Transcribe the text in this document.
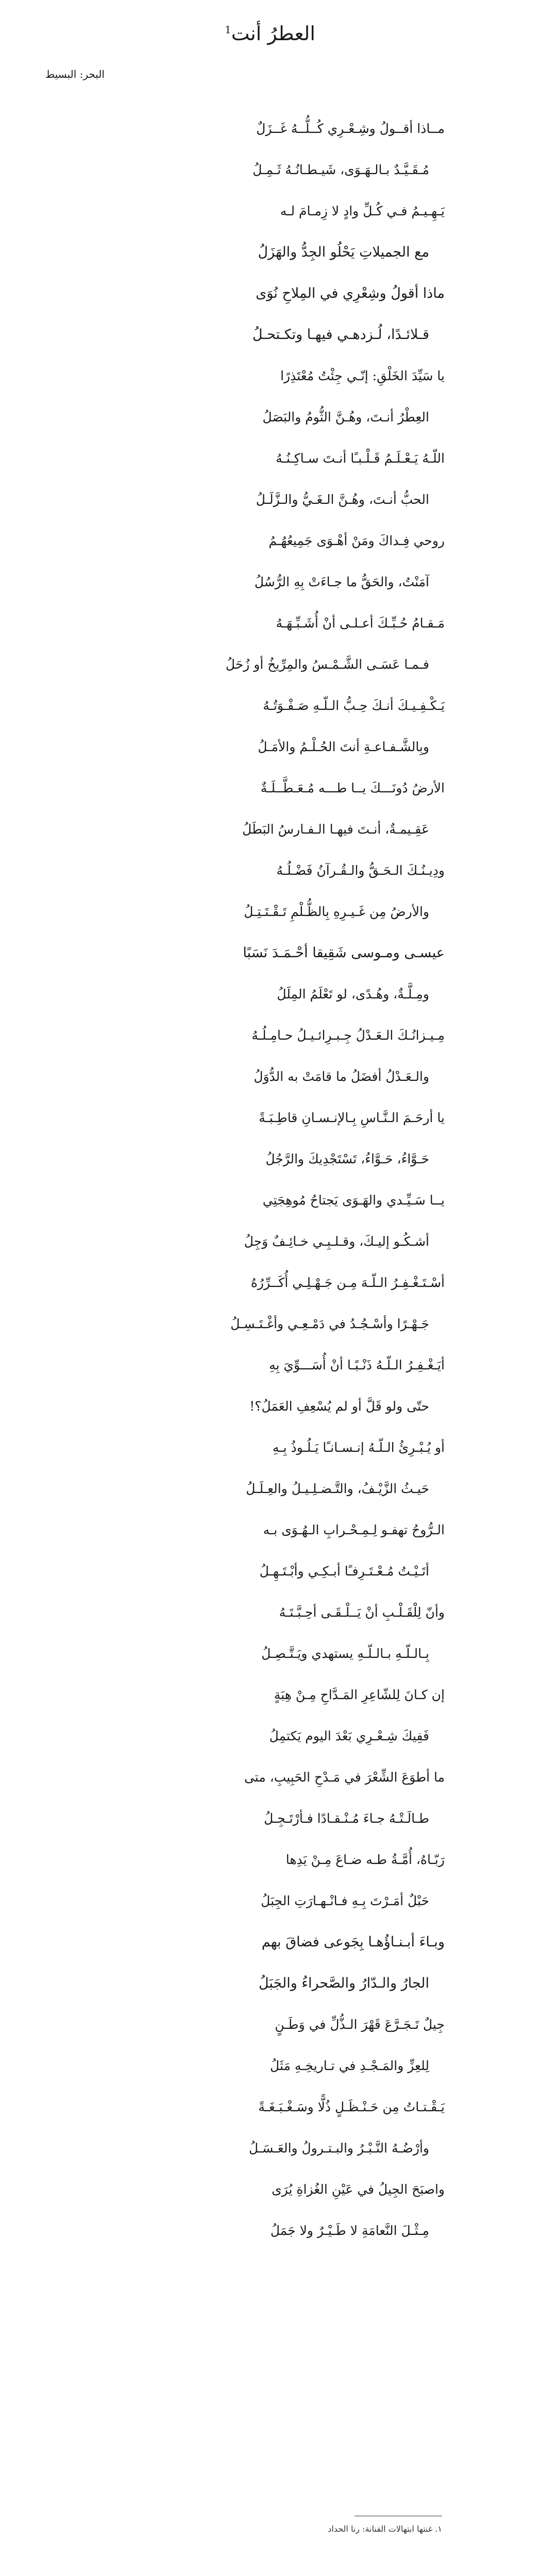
العطرُ أنت$^1$
البحر: البسيط
مــاذا أقــولُ وشِـعْـرِي كُــلُّــهُ غَــزَلٌ
مُـقَـيَّـدٌ بـالـهَـوَى، شَيـطـانُـهُ ثَـمِـلُ
يَـهِـيـمُ فـي كُـلِّ وادٍ لا زِمـامَ لـه
مع الجميلاتِ يَحْلُو الجِدُّ والهَزَلُ
ماذا أقولُ وشِعْرِي في المِلاحِ نُوَى
قـلائـدًا، لُـزدهـي فيهـا وتكـتحـلُ
يا سَيِّدَ الخَلْقِ: إنّـي جِئْتُ مُعْتَذِرًا
العِطْرُ أنـتَ، وهُـنَّ الثُّومُ والبَصَلُ
اللّـهُ يَـعْـلَـمُ قَـلْـبـًا أنـتَ سـاكِـنُـهُ
الحبُّ أنـتَ، وهُـنَّ الـغَـيُّ والـزَّلَـلُ
روحي فِـداكَ ومَنْ أهْـوَى جَمِيعُهُـمُ
آمَنْتُ، والحَقُّ ما جـاءَتْ بِهِ الرُّسُلُ
مَـقـامُ حُـبِّـكَ أعـلـى أنْ أُشَـبِّـهَـهُ
فـمـا عَسَـى الشَّـمْـسُ والمِرِّيخُ أو زُحَلُ
يَـكْـفِـيـكَ أنـكَ حِـبُّ الـلّـهِ صَـفْـوَتُـهُ
وبِالشَّـفـاعـةِ أنتَ الحُـلْـمُ والأمَـلُ
الأرضُ دُونَـــكَ يــا طـــه مُـعَـطَّــلَـةٌ
عَقِـيمـةٌ، أنـتَ فيهـا الـفـارسُ البَطَلُ
ودِيـنُـكَ الـحَـقُّ والـقُـرآنُ فَضْـلُـهُ
والأرضُ مِن غَـيـرِهِ بِالظُّـلْمِ تَـقْـتَـتِـلُ
عيسـى ومـوسى شَقِيقا أحْـمَـدَ نَسَبًا
ومِـلَّـةٌ، وهُـدًى، لو تَعْلَمُ المِلَلُ
مِـيـزانُـكَ الـعَـدْلُ جِـبـرِائـيـلُ حـامِـلُـهُ
والـعَـدْلُ أفضَلُ ما قامَتْ به الدُّوَلُ
يا أرحَـمَ الـنَّـاسِ بِـالإنـسـانِ قاطِـبَـةً
حَـوَّاءُ، حَـوَّاءُ، تَسْتَجْدِيكَ والرَّجُلُ
يــا سَـيِّـدي والهَـوَى يَجتاحُ مُوهِجَتِي
أشـكُـو إليـكَ، وقـلـبِـي خـائِـفٌ وَجِلُ
أسْـتَـغْـفِـرُ الـلّـهَ مِـن جَـهْـلِـي أُكَــرِّرُهُ
جَـهْـرًا وأسْـجُـدُ في دَمْـعِـي وأغْـتَـسِـلُ
أيَـغْـفِـرُ الـلّـهُ ذَنْـبًـا أنْ أُسَـــوِّيَ بِهِ
حتّى ولو قَلَّ أو لم يُسْعِفِ العَمَلُ؟!
أو يُـبْـرِئُ الـلّـهُ إنـسـانـًا يَـلُـوذُ بِـهِ
حَيـثُ الزَّيْـفُ، والتَّـضـلِـيـلُ والعِـلَـلُ
الـرُّوحُ تهفـو لِـمِـحْـرابِ الـهُـوَى بـه
أتَـيْـتُ مُـعْـتَـرِفـًا أبـكِـي وأبْـتَـهِـلُ
وأنّ لِلْقَـلْـبِ أنْ يَــلْـقَـى أحِـبَّـتَـهُ
بِـالـلّـهِ بـالـلّـهِ يستهدي ويَـتَّـصِـلُ
إن كـانَ لِلشّاعِرِ المَـدَّاحِ مِـنْ هِبَةٍ
فَفِيكَ شِـعْـرِي بَعْدَ اليوم يَكتمِلُ
ما أطوَعَ الشِّعْرَ في مَـدْحِ الحَبِيبِ، متى
طـالَـتْـهُ جـاءَ مُـنْـقـادًا فـأرْتَـجِـلُ
رَبّـاهُ، أُمَّـةُ طـه ضـاعَ مِـنْ يَدِها
حَبْلٌ أمَـرْتَ بِـهِ فـانْـهـارَتِ الجِبَلُ
وبـاءَ أبـنـاؤُهـا بِجَوعى فضاقَ بهم
الجارُ والـدّارُ والصَّحراءُ والجَبَلُ
جِيلٌ تَـجَـرَّعَ قَهْرَ الـذُّلِّ في وَطَـنٍ
لِلعِزِّ والمَـجْـدِ في تـاريخِـهِ مَثَلُ
يَـقْـتـاتُ مِن حَـنْـظَـلٍ ذُلًّا وسَـغْـبَـغَـةً
وأرْضُـهُ النَّـبْـرُ والبـتـرولُ والعَـسَـلُ
واصبَحَ الجِيلُ في عَيْنِ الغُزاةِ يُرَى
مِـثْـلَ النَّعامَةِ لا طَـيْـرٌ ولا جَمَلُ
١. غنتها ابتهالات الفنانة: رنا الحداد
